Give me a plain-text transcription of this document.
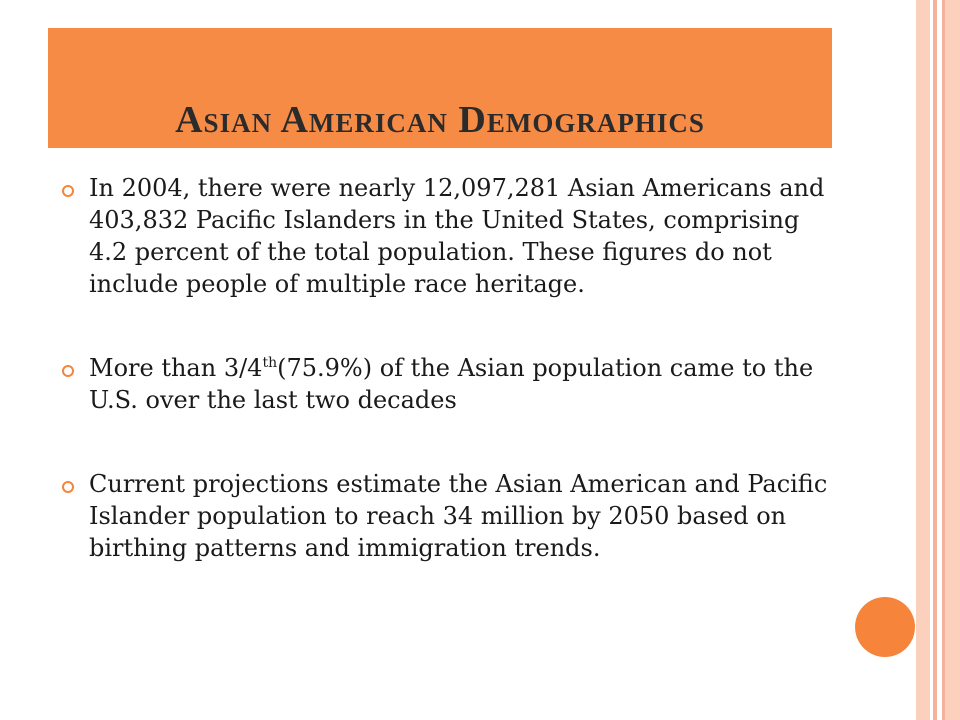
Asian American Demographics
In 2004, there were nearly 12,097,281 Asian Americans and 403,832 Pacific Islanders in the United States, comprising 4.2 percent of the total population. These figures do not include people of multiple race heritage.
More than 3/4th(75.9%) of the Asian population came to the U.S. over the last two decades
Current projections estimate the Asian American and Pacific Islander population to reach 34 million by 2050 based on birthing patterns and immigration trends.
